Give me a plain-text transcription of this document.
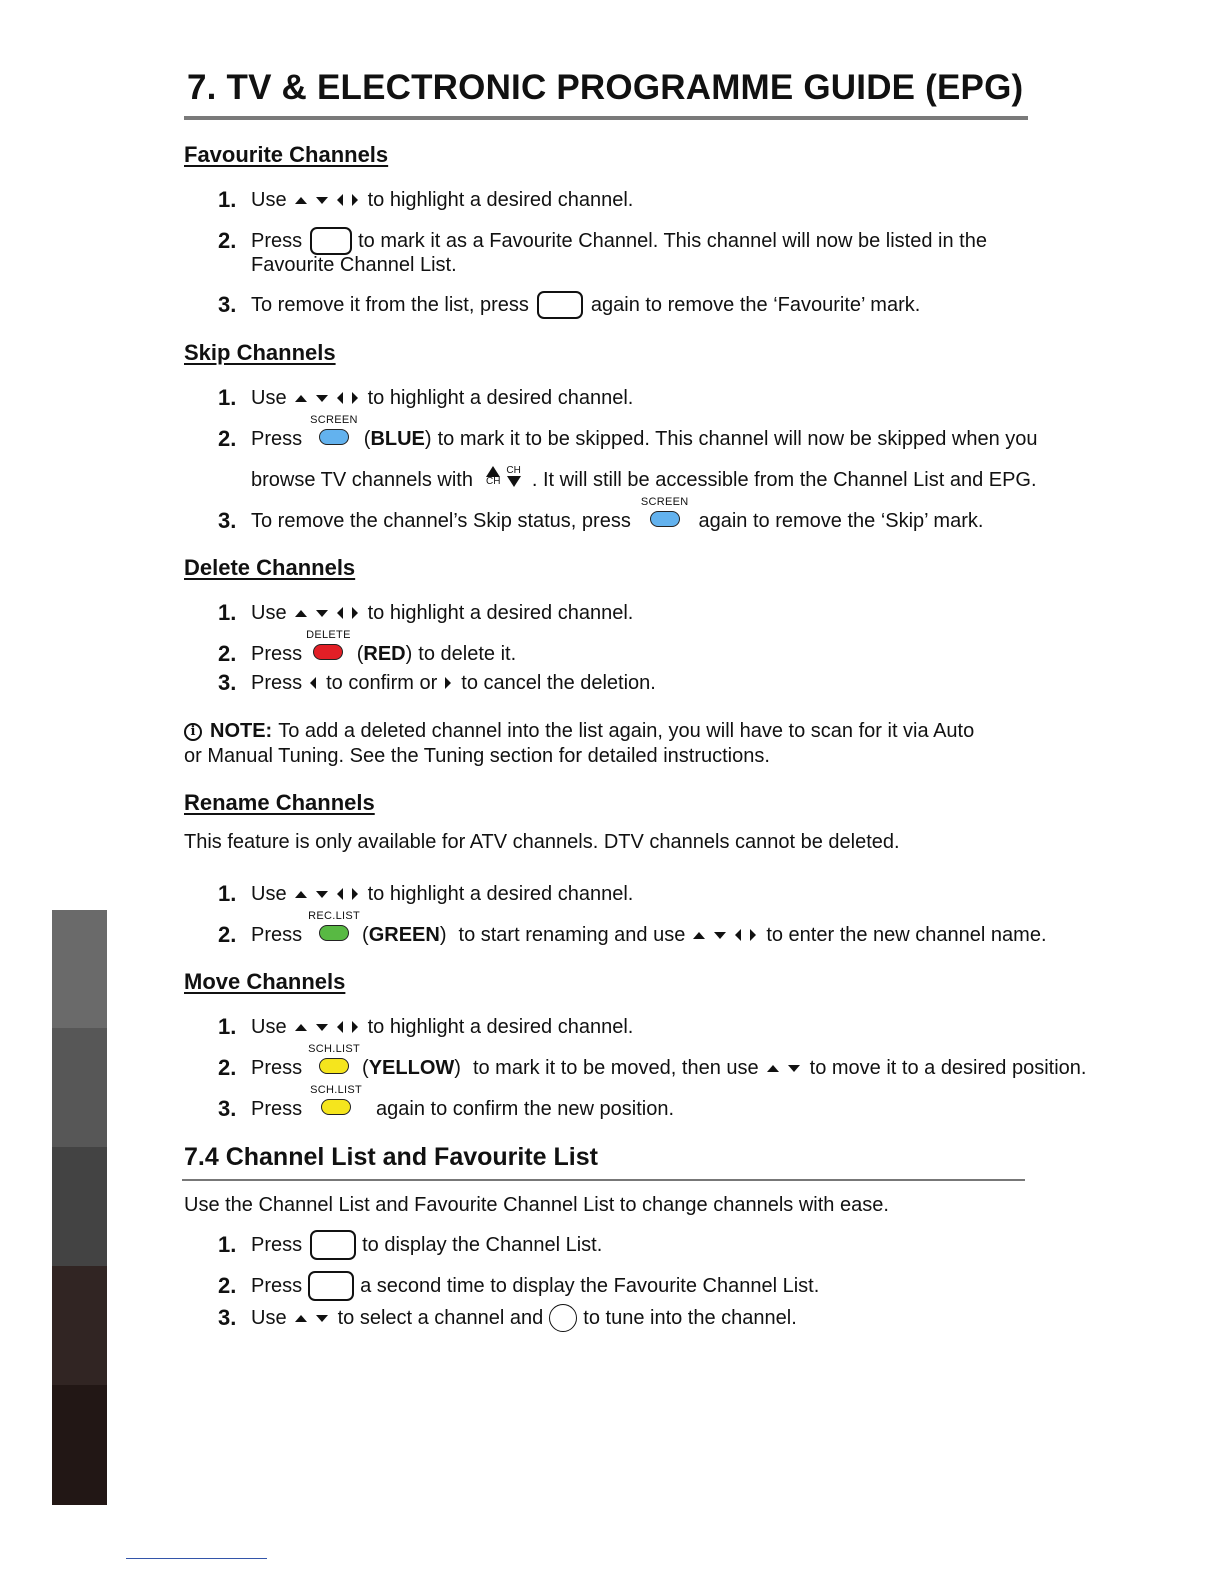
7. TV & ELECTRONIC PROGRAMME GUIDE (EPG)
Favourite Channels
1. Use	to highlight a desired channel.
2. Press	to mark it as a Favourite Channel. This channel will now be listed in the
Favourite Channel List.
3. To remove it from the list, press	again to remove the ‘Favourite’ mark.
Skip Channels
1. Use	to highlight a desired channel.
2. Press
SCREEN
(BLUE) to mark it to be skipped. This channel will now be skipped when you
browse TV channels with CH
CH . It will still be accessible from the Channel List and EPG.
3. To remove the channel’s Skip status, press
SCREEN
again to remove the ‘Skip’ mark.
Delete Channels
1. Use	to highlight a desired channel.
2. Press
DELETE
(RED) to delete it.
3. Press to confirm or to cancel the deletion.
i NOTE: To add a deleted channel into the list again, you will have to scan for it via Auto
or Manual Tuning. See the Tuning section for detailed instructions.
Rename Channels
This feature is only available for ATV channels. DTV channels cannot be deleted.
1. Use	to highlight a desired channel.
2. Press
REC.LIST
(GREEN) to start renaming and use	to enter the new channel name.
Move Channels
1. Use	to highlight a desired channel.
2. Press
SCH.LIST
(YELLOW) to mark it to be moved, then use	to move it to a desired position.
3. Press
SCH.LIST
again to confirm the new position.
7.4 Channel List and Favourite List
Use the Channel List and Favourite Channel List to change channels with ease.
1. Press	to display the Channel List.
2. Press	a second time to display the Favourite Channel List.
3. Use	to select a channel and to tune into the channel.
